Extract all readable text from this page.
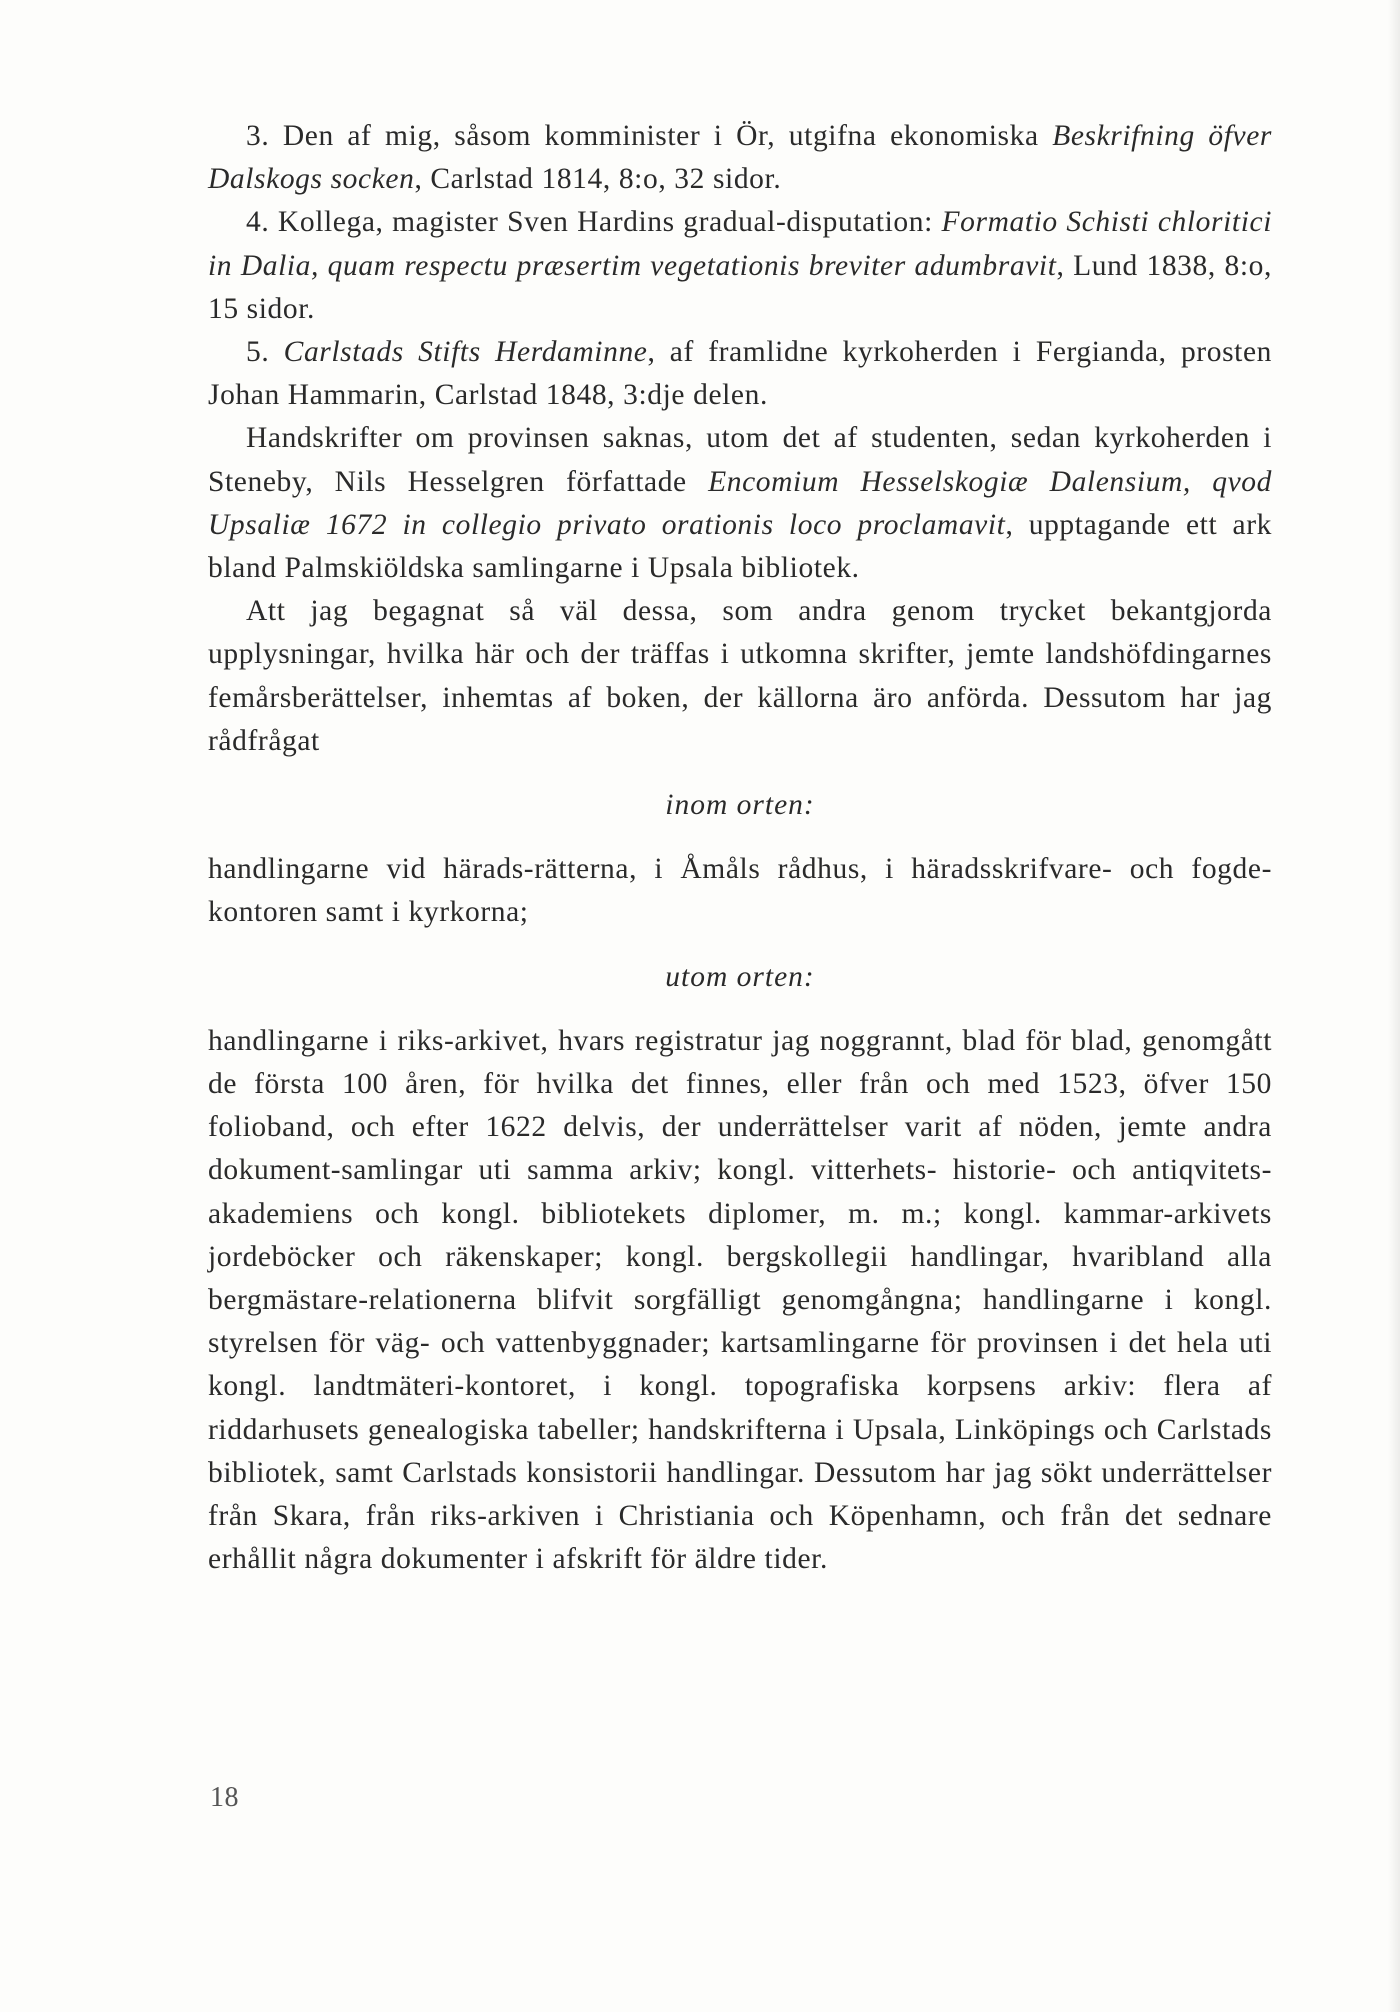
3. Den af mig, såsom komminister i Ör, utgifna ekonomiska Beskrifning öfver Dalskogs socken, Carlstad 1814, 8:o, 32 sidor.

4. Kollega, magister Sven Hardins gradual-disputation: Formatio Schisti chloritici in Dalia, quam respectu præsertim vegetationis breviter adumbravit, Lund 1838, 8:o, 15 sidor.

5. Carlstads Stifts Herdaminne, af framlidne kyrkoherden i Fergianda, prosten Johan Hammarin, Carlstad 1848, 3:dje delen.

Handskrifter om provinsen saknas, utom det af studenten, sedan kyrkoherden i Steneby, Nils Hesselgren författade Encomium Hesselskogiæ Dalensium, qvod Upsaliæ 1672 in collegio privato orationis loco proclamavit, upptagande ett ark bland Palmskiöldska samlingarne i Upsala bibliotek.

Att jag begagnat så väl dessa, som andra genom trycket bekantgjorda upplysningar, hvilka här och der träffas i utkomna skrifter, jemte landshöfdingarnes femårsberättelser, inhemtas af boken, der källorna äro anförda. Dessutom har jag rådfrågat

inom orten:

handlingarne vid härads-rätterna, i Åmåls rådhus, i häradsskrifvare- och fogde-kontoren samt i kyrkorna;

utom orten:

handlingarne i riks-arkivet, hvars registratur jag noggrannt, blad för blad, genomgått de första 100 åren, för hvilka det finnes, eller från och med 1523, öfver 150 folioband, och efter 1622 delvis, der underrättelser varit af nöden, jemte andra dokument-samlingar uti samma arkiv; kongl. vitterhets- historie- och antiqvitets-akademiens och kongl. bibliotekets diplomer, m. m.; kongl. kammar-arkivets jordeböcker och räkenskaper; kongl. bergskollegii handlingar, hvaribland alla bergmästare-relationerna blifvit sorgfälligt genomgångna; handlingarne i kongl. styrelsen för väg- och vattenbyggnader; kartsamlingarne för provinsen i det hela uti kongl. landtmäteri-kontoret, i kongl. topografiska korpsens arkiv: flera af riddarhusets genealogiska tabeller; handskrifterna i Upsala, Linköpings och Carlstads bibliotek, samt Carlstads konsistorii handlingar. Dessutom har jag sökt underrättelser från Skara, från riks-arkiven i Christiania och Köpenhamn, och från det sednare erhållit några dokumenter i afskrift för äldre tider.

18
